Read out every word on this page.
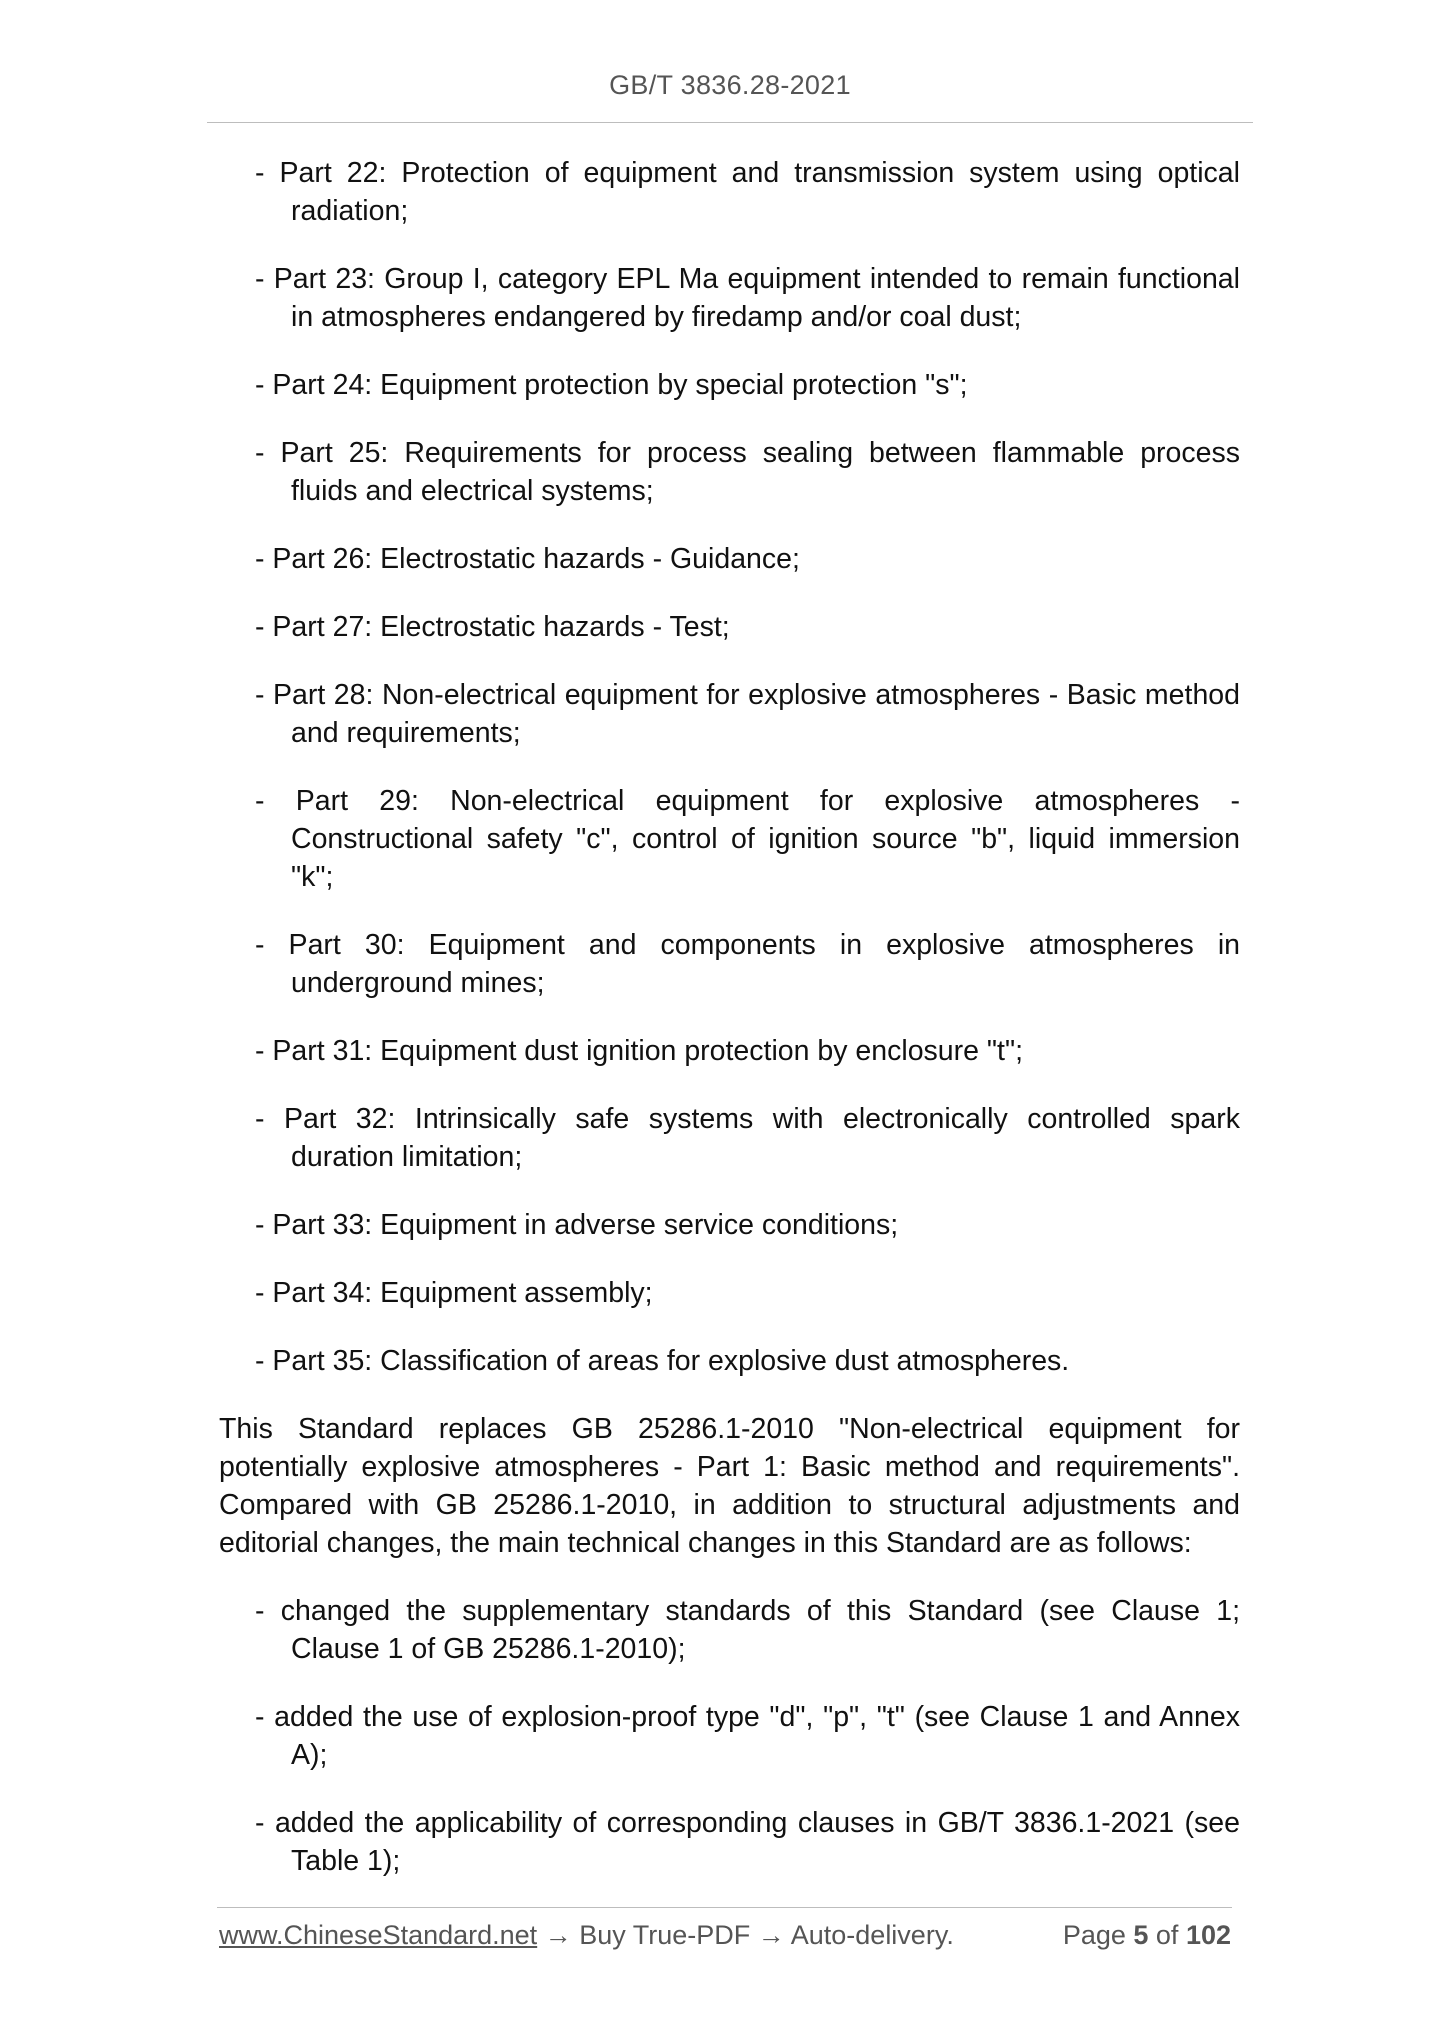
GB/T 3836.28-2021
- Part 22: Protection of equipment and transmission system using optical radiation;
- Part 23: Group I, category EPL Ma equipment intended to remain functional in atmospheres endangered by firedamp and/or coal dust;
- Part 24: Equipment protection by special protection "s";
- Part 25: Requirements for process sealing between flammable process fluids and electrical systems;
- Part 26: Electrostatic hazards - Guidance;
- Part 27: Electrostatic hazards - Test;
- Part 28: Non-electrical equipment for explosive atmospheres - Basic method and requirements;
- Part 29: Non-electrical equipment for explosive atmospheres - Constructional safety "c", control of ignition source "b", liquid immersion "k";
- Part 30: Equipment and components in explosive atmospheres in underground mines;
- Part 31: Equipment dust ignition protection by enclosure "t";
- Part 32: Intrinsically safe systems with electronically controlled spark duration limitation;
- Part 33: Equipment in adverse service conditions;
- Part 34: Equipment assembly;
- Part 35: Classification of areas for explosive dust atmospheres.

This Standard replaces GB 25286.1-2010 "Non-electrical equipment for potentially explosive atmospheres - Part 1: Basic method and requirements". Compared with GB 25286.1-2010, in addition to structural adjustments and editorial changes, the main technical changes in this Standard are as follows:

- changed the supplementary standards of this Standard (see Clause 1; Clause 1 of GB 25286.1-2010);
- added the use of explosion-proof type "d", "p", "t" (see Clause 1 and Annex A);
- added the applicability of corresponding clauses in GB/T 3836.1-2021 (see Table 1);
www.ChineseStandard.net → Buy True-PDF → Auto-delivery.	Page 5 of 102
